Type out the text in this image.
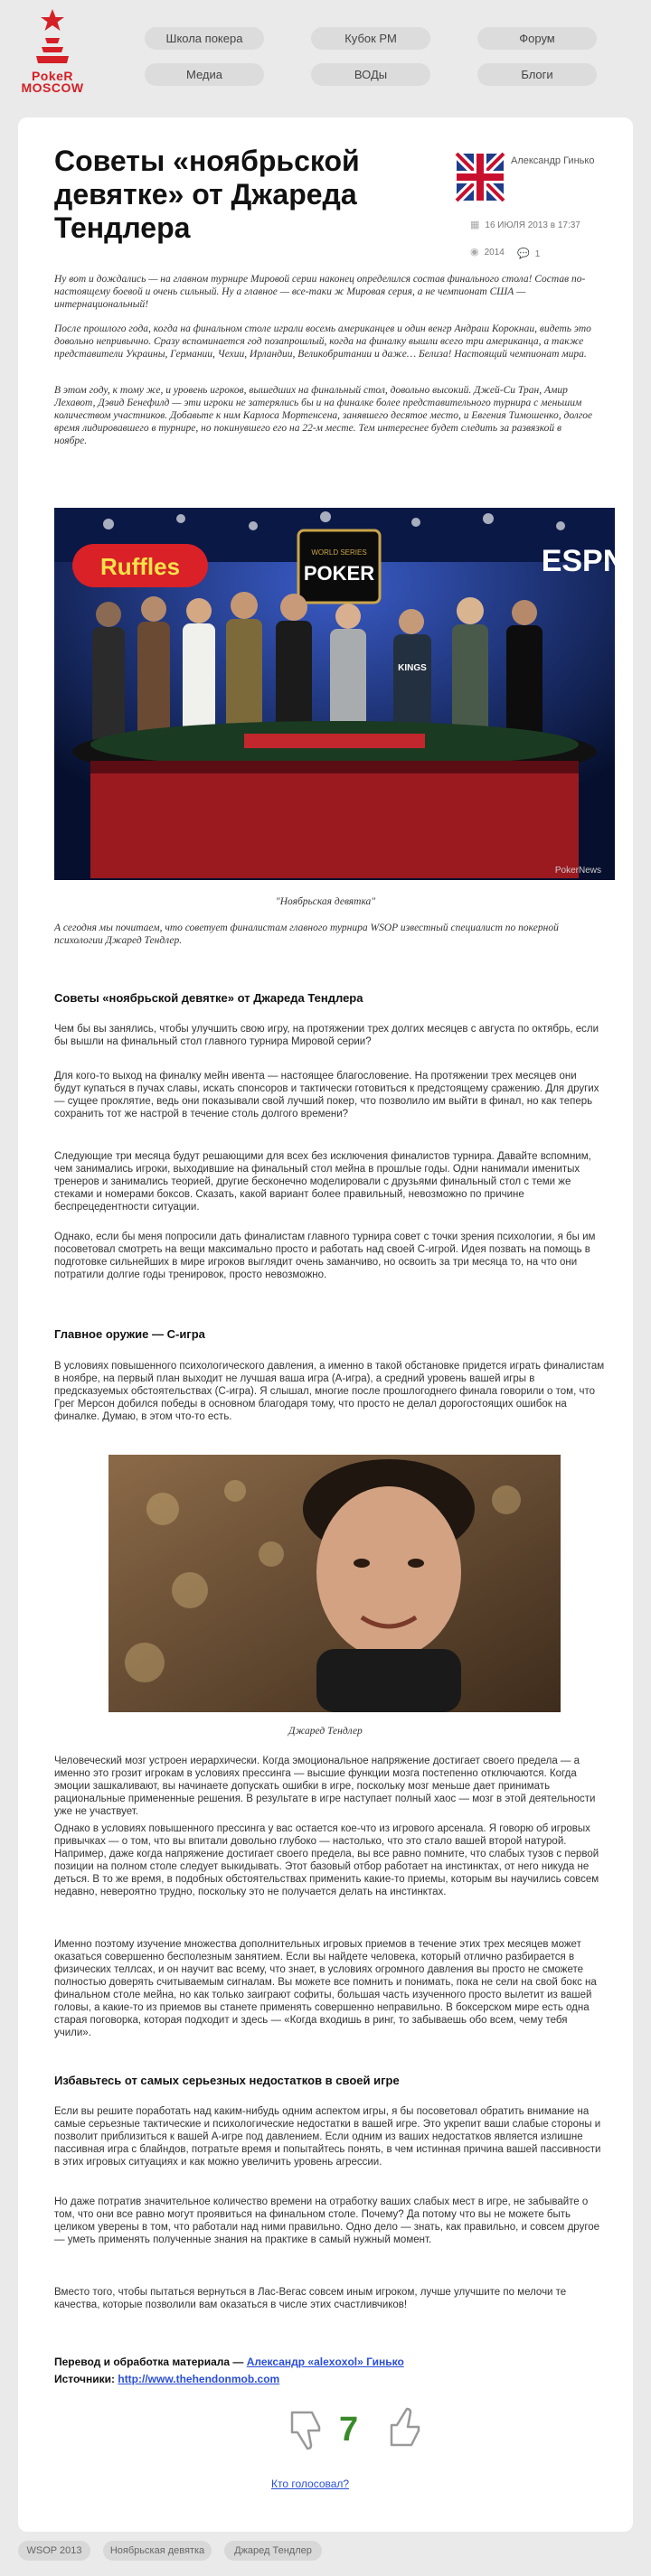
PokeR
MOSCOW
Школа покера	Кубок РМ	Форум
Медиа	ВОДы	Блоги
Советы «ноябрьской девятке» от Джареда Тендлера
Александр Гинько
▦ 16 ИЮЛЯ 2013 в 17:37
◉ 2014 💬 1

Ну вот и дождались — на главном турнире Мировой серии наконец определился состав финального стола! Состав по-настоящему боевой и очень сильный. Ну а главное — все-таки ж Мировая серия, а не чемпионат США — интернациональный!

После прошлого года, когда на финальном столе играли восемь американцев и один венгр Андраш Корокнаи, видеть это довольно непривычно. Сразу вспоминается год позапрошлый, когда на финалку вышли всего три американца, а также представители Украины, Германии, Чехии, Ирландии, Великобритании и даже… Белиза! Настоящий чемпионат мира.

В этом году, к тому же, и уровень игроков, вышедших на финальный стол, довольно высокий. Джей-Си Тран, Амир Лехавот, Дэвид Бенефилд — эти игроки не затерялись бы и на финалке более представительного турнира с меньшим количеством участников. Добавьте к ним Карлоса Мортенсена, занявшего десятое место, и Евгения Тимошенко, долгое время лидировавшего в турнире, но покинувшего его на 22-м месте. Тем интереснее будет следить за развязкой в ноябре.

Ruffles
WORLD SERIES
POKER	ESPN
KINGS
PokerNews
"Ноябрьская девятка"

А сегодня мы почитаем, что советует финалистам главного турнира WSOP известный специалист по покерной психологии Джаред Тендлер.

Советы «ноябрьской девятке» от Джареда Тендлера

Чем бы вы занялись, чтобы улучшить свою игру, на протяжении трех долгих месяцев с августа по октябрь, если бы вышли на финальный стол главного турнира Мировой серии?

Для кого-то выход на финалку мейн ивента — настоящее благословение. На протяжении трех месяцев они будут купаться в пучах славы, искать спонсоров и тактически готовиться к предстоящему сражению. Для других — сущее проклятие, ведь они показывали свой лучший покер, что позволило им выйти в финал, но как теперь сохранить тот же настрой в течение столь долгого времени?

Следующие три месяца будут решающими для всех без исключения финалистов турнира. Давайте вспомним, чем занимались игроки, выходившие на финальный стол мейна в прошлые годы. Одни нанимали именитых тренеров и занимались теорией, другие бесконечно моделировали с друзьями финальный стол с теми же стеками и номерами боксов. Сказать, какой вариант более правильный, невозможно по причине беспрецедентности ситуации.

Однако, если бы меня попросили дать финалистам главного турнира совет с точки зрения психологии, я бы им посоветовал смотреть на вещи максимально просто и работать над своей С-игрой. Идея позвать на помощь в подготовке сильнейших в мире игроков выглядит очень заманчиво, но освоить за три месяца то, на что они потратили долгие годы тренировок, просто невозможно.

Главное оружие — С-игра

В условиях повышенного психологического давления, а именно в такой обстановке придется играть финалистам в ноябре, на первый план выходит не лучшая ваша игра (А-игра), а средний уровень вашей игры в предсказуемых обстоятельствах (С-игра). Я слышал, многие после прошлогоднего финала говорили о том, что Грег Мерсон добился победы в основном благодаря тому, что просто не делал дорогостоящих ошибок на финалке. Думаю, в этом что-то есть.

Джаред Тендлер

Человеческий мозг устроен иерархически. Когда эмоциональное напряжение достигает своего предела — а именно это грозит игрокам в условиях прессинга — высшие функции мозга постепенно отключаются. Когда эмоции зашкаливают, вы начинаете допускать ошибки в игре, поскольку мозг меньше дает принимать рациональные примененные решения. В результате в игре наступает полный хаос — мозг в этой деятельности уже не участвует.

Однако в условиях повышенного прессинга у вас остается кое-что из игрового арсенала. Я говорю об игровых привычках — о том, что вы впитали довольно глубоко — настолько, что это стало вашей второй натурой. Например, даже когда напряжение достигает своего предела, вы все равно помните, что слабых тузов с первой позиции на полном столе следует выкидывать. Этот базовый отбор работает на инстинктах, от него никуда не деться. В то же время, в подобных обстоятельствах применить какие-то приемы, которым вы научились совсем недавно, невероятно трудно, поскольку это не получается делать на инстинктах.

Именно поэтому изучение множества дополнительных игровых приемов в течение этих трех месяцев может оказаться совершенно бесполезным занятием. Если вы найдете человека, который отлично разбирается в физических теллсах, и он научит вас всему, что знает, в условиях огромного давления вы просто не сможете полностью доверять считываемым сигналам. Вы можете все помнить и понимать, пока не сели на свой бокс на финальном столе мейна, но как только заиграют софиты, большая часть изученного просто вылетит из вашей головы, а какие-то из приемов вы станете применять совершенно неправильно. В боксерском мире есть одна старая поговорка, которая подходит и здесь — «Когда входишь в ринг, то забываешь обо всем, чему тебя учили».

Избавьтесь от самых серьезных недостатков в своей игре

Если вы решите поработать над каким-нибудь одним аспектом игры, я бы посоветовал обратить внимание на самые серьезные тактические и психологические недостатки в вашей игре. Это укрепит ваши слабые стороны и позволит приблизиться к вашей А-игре под давлением. Если одним из ваших недостатков является излишне пассивная игра с блайндов, потратьте время и попытайтесь понять, в чем истинная причина вашей пассивности в этих игровых ситуациях и как можно увеличить уровень агрессии.

Но даже потратив значительное количество времени на отработку ваших слабых мест в игре, не забывайте о том, что они все равно могут проявиться на финальном столе. Почему? Да потому что вы не можете быть целиком уверены в том, что работали над ними правильно. Одно дело — знать, как правильно, и совсем другое — уметь применять полученные знания на практике в самый нужный момент.

Вместо того, чтобы пытаться вернуться в Лас-Вегас совсем иным игроком, лучше улучшите по мелочи те качества, которые позволили вам оказаться в числе этих счастливчиков!

Перевод и обработка материала — Александр «alexoxol» Гинько
Источники: http://www.thehendonmob.com
7
Кто голосовал?
WSOP 2013	Ноябрьская девятка	Джаред Тендлер
